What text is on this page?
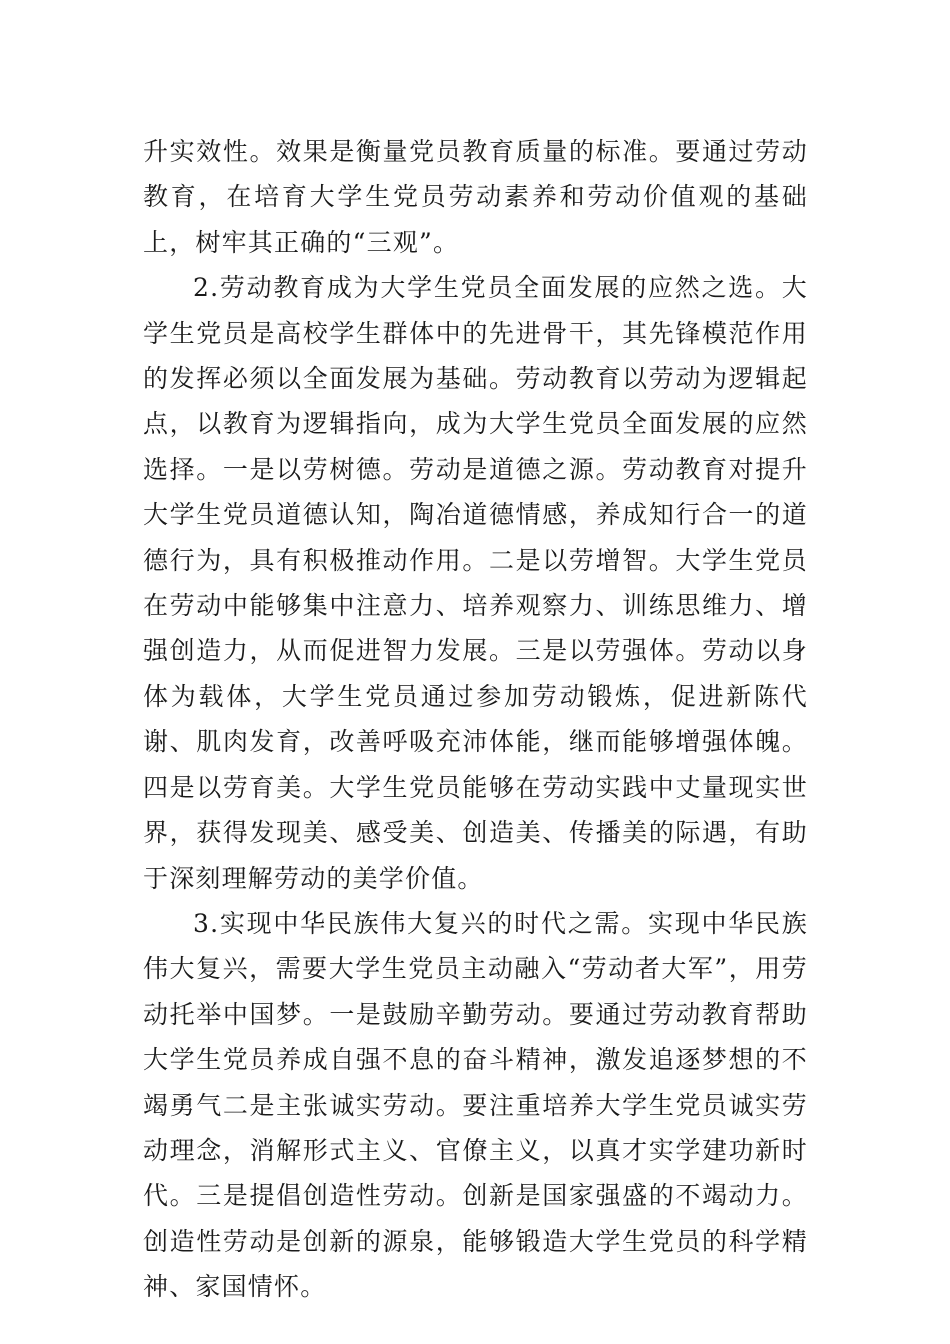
升实效性。效果是衡量党员教育质量的标准。要通过劳动教育，在培育大学生党员劳动素养和劳动价值观的基础上，树牢其正确的“三观”。

2.劳动教育成为大学生党员全面发展的应然之选。大学生党员是高校学生群体中的先进骨干，其先锋模范作用的发挥必须以全面发展为基础。劳动教育以劳动为逻辑起点，以教育为逻辑指向，成为大学生党员全面发展的应然选择。一是以劳树德。劳动是道德之源。劳动教育对提升大学生党员道德认知，陶冶道德情感，养成知行合一的道德行为，具有积极推动作用。二是以劳增智。大学生党员在劳动中能够集中注意力、培养观察力、训练思维力、增强创造力，从而促进智力发展。三是以劳强体。劳动以身体为载体，大学生党员通过参加劳动锻炼，促进新陈代谢、肌肉发育，改善呼吸充沛体能，继而能够增强体魄。四是以劳育美。大学生党员能够在劳动实践中丈量现实世界，获得发现美、感受美、创造美、传播美的际遇，有助于深刻理解劳动的美学价值。

3.实现中华民族伟大复兴的时代之需。实现中华民族伟大复兴，需要大学生党员主动融入“劳动者大军”，用劳动托举中国梦。一是鼓励辛勤劳动。要通过劳动教育帮助大学生党员养成自强不息的奋斗精神，激发追逐梦想的不竭勇气二是主张诚实劳动。要注重培养大学生党员诚实劳动理念，消解形式主义、官僚主义，以真才实学建功新时代。三是提倡创造性劳动。创新是国家强盛的不竭动力。创造性劳动是创新的源泉，能够锻造大学生党员的科学精神、家国情怀。
